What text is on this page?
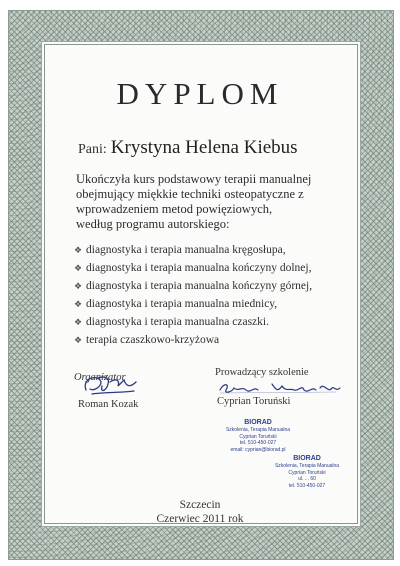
DYPLOM
Pani: Krystyna Helena Kiebus
Ukończyła kurs podstawowy terapii manualnej
obejmujący miękkie techniki osteopatyczne z
wprowadzeniem metod powięziowych,
według programu autorskiego:
❖ diagnostyka i terapia manualna kręgosłupa,
❖ diagnostyka i terapia manualna kończyny dolnej,
❖ diagnostyka i terapia manualna kończyny górnej,
❖ diagnostyka i terapia manualna miednicy,
❖ diagnostyka i terapia manualna czaszki.
❖ terapia czaszkowo-krzyżowa
Organizator
Roman Kozak
Prowadzący szkolenie
Cyprian Toruński
BIORAD
Szkolenia, Terapia Manualna
Cyprian Toruński
tel. 510-450-027
email: cyprian@biorad.pl
BIORAD
Szkolenia, Terapia Manualna
Cyprian Toruński
ul. ... 60
tel. 510-450-027
Szczecin
Czerwiec 2011 rok
